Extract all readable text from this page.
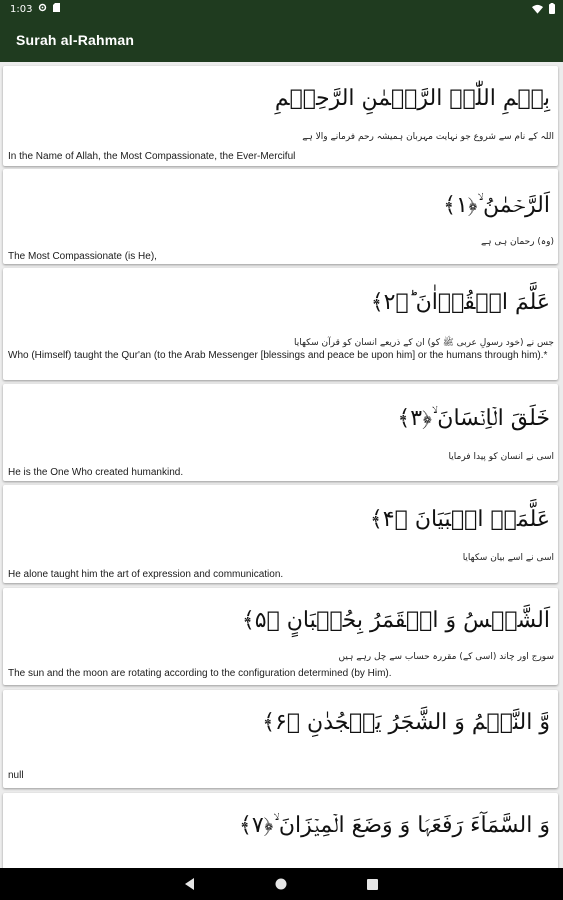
1:03
Surah al-Rahman
بِسۡمِ اللّٰہِ الرَّحۡمٰنِ الرَّحِیۡمِ
اللہ کے نام سے شروع جو نہایت مہربان ہمیشہ رحم فرمانے والا ہے
In the Name of Allah, the Most Compassionate, the Ever-Merciful
اَلرَّحۡمٰنُ ۙ﴿۱﴾
(وہ) رحمان ہی ہے
The Most Compassionate (is He),
عَلَّمَ الۡقُرۡاٰنَ ؕ﴿۲﴾
جس نے (خود رسولِ عربی ﷺ کو) ان کے ذریعے انسان کو قرآن سکھایا
Who (Himself) taught the Qur'an (to the Arab Messenger [blessings and peace be upon him] or the humans through him).*
خَلَقَ الۡاِنۡسَانَ ۙ﴿۳﴾
اسی نے انسان کو پیدا فرمایا
He is the One Who created humankind.
عَلَّمَہُ الۡبَیَانَ ﴿۴﴾
اسی نے اسے بیان سکھایا
He alone taught him the art of expression and communication.
اَلشَّمۡسُ وَ الۡقَمَرُ بِحُسۡبَانٍ ﴿۵﴾
سورج اور چاند (اسی کے) مقررہ حساب سے چل رہے ہیں
The sun and the moon are rotating according to the configuration determined (by Him).
وَّ النَّجۡمُ وَ الشَّجَرُ یَسۡجُدٰنِ ﴿۶﴾
null
وَ السَّمَآءَ رَفَعَہَا وَ وَضَعَ الۡمِیۡزَانَ ۙ﴿۷﴾
